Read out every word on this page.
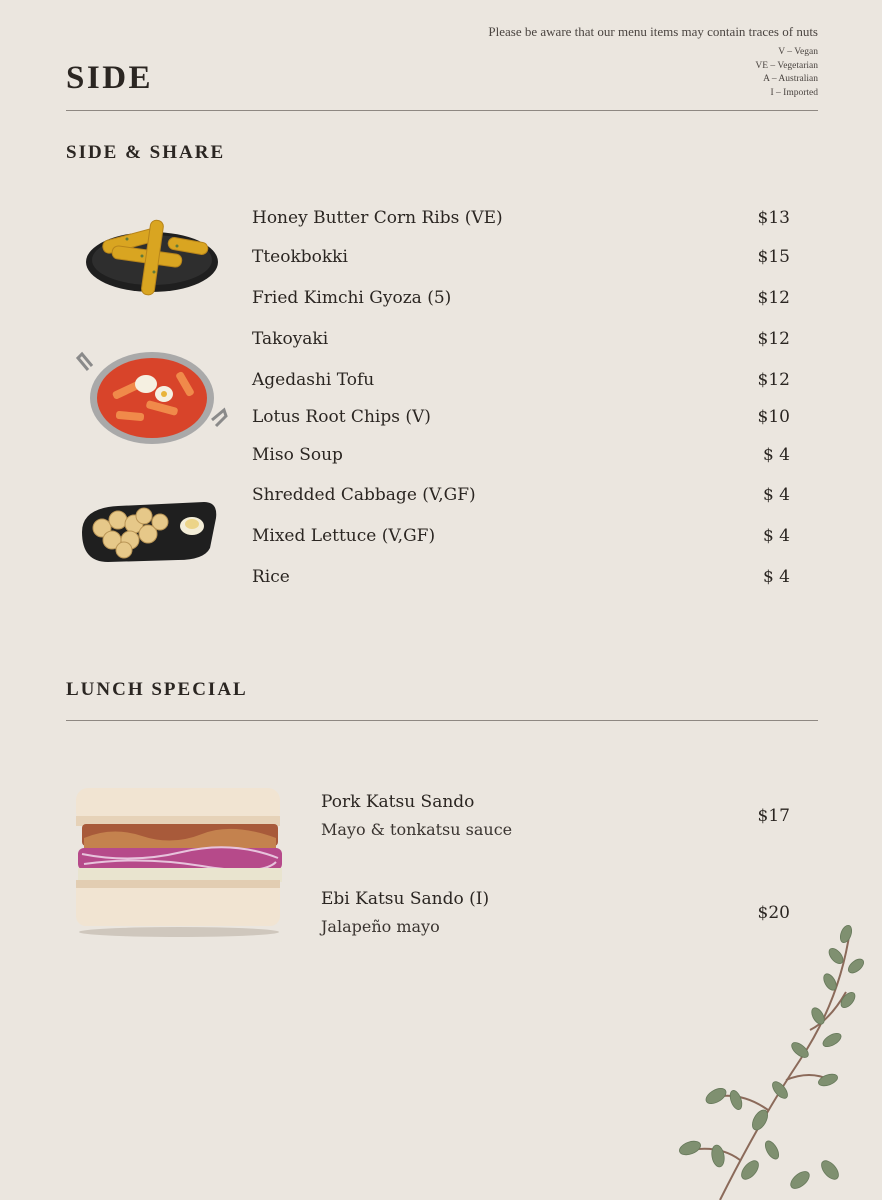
SIDE
Please be aware that our menu items may contain traces of nuts
V – Vegan
VE – Vegetarian
A – Australian
I – Imported
SIDE & SHARE
Honey Butter Corn Ribs (VE)	$13
Tteokbokki	$15
Fried Kimchi Gyoza (5)	$12
Takoyaki	$12
Agedashi Tofu	$12
Lotus Root Chips (V)	$10
Miso Soup	$ 4
Shredded Cabbage (V,GF)	$ 4
Mixed Lettuce (V,GF)	$ 4
Rice	$ 4
LUNCH SPECIAL
Pork Katsu Sando
Mayo & tonkatsu sauce
$17
Ebi Katsu Sando (I)
Jalapeño mayo
$20
